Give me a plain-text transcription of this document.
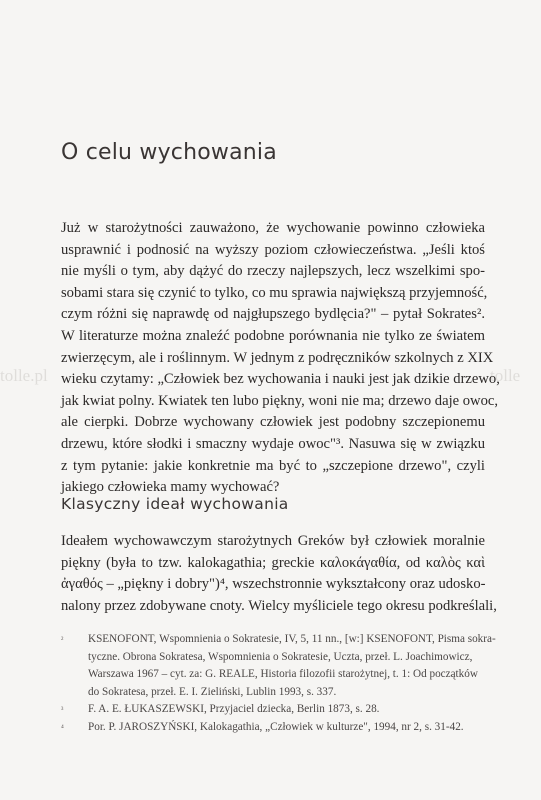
O celu wychowania
Już w starożytności zauważono, że wychowanie powinno człowieka
usprawnić i podnosić na wyższy poziom człowieczeństwa. „Jeśli ktoś
nie myśli o tym, aby dążyć do rzeczy najlepszych, lecz wszelkimi spo-
sobami stara się czynić to tylko, co mu sprawia największą przyjemność,
czym różni się naprawdę od najgłupszego bydlęcia?" – pytał Sokrates².
W literaturze można znaleźć podobne porównania nie tylko ze światem
zwierzęcym, ale i roślinnym. W jednym z podręczników szkolnych z XIX
wieku czytamy: „Człowiek bez wychowania i nauki jest jak dzikie drzewo,
jak kwiat polny. Kwiatek ten lubo piękny, woni nie ma; drzewo daje owoc,
ale cierpki. Dobrze wychowany człowiek jest podobny szczepionemu
drzewu, które słodki i smaczny wydaje owoc"³. Nasuwa się w związku
z tym pytanie: jakie konkretnie ma być to „szczepione drzewo", czyli
jakiego człowieka mamy wychować?
Klasyczny ideał wychowania
Ideałem wychowawczym starożytnych Greków był człowiek moralnie
piękny (była to tzw. kalokagathia; greckie καλοκάγαθία, od καλὸς καὶ
ἀγαθός – „piękny i dobry")⁴, wszechstronnie wykształcony oraz udosko-
nalony przez zdobywane cnoty. Wielcy myśliciele tego okresu podkreślali,
² KSENOFONT, Wspomnienia o Sokratesie, IV, 5, 11 nn., [w:] KSENOFONT, Pisma sokra-
tyczne. Obrona Sokratesa, Wspomnienia o Sokratesie, Uczta, przeł. L. Joachimowicz,
Warszawa 1967 – cyt. za: G. REALE, Historia filozofii starożytnej, t. 1: Od początków
do Sokratesa, przeł. E. I. Zieliński, Lublin 1993, s. 337.
³ F. A. E. ŁUKASZEWSKI, Przyjaciel dziecka, Berlin 1873, s. 28.
⁴ Por. P. JAROSZYŃSKI, Kalokagathia, „Człowiek w kulturze", 1994, nr 2, s. 31-42.
tolle.pl	tolle
